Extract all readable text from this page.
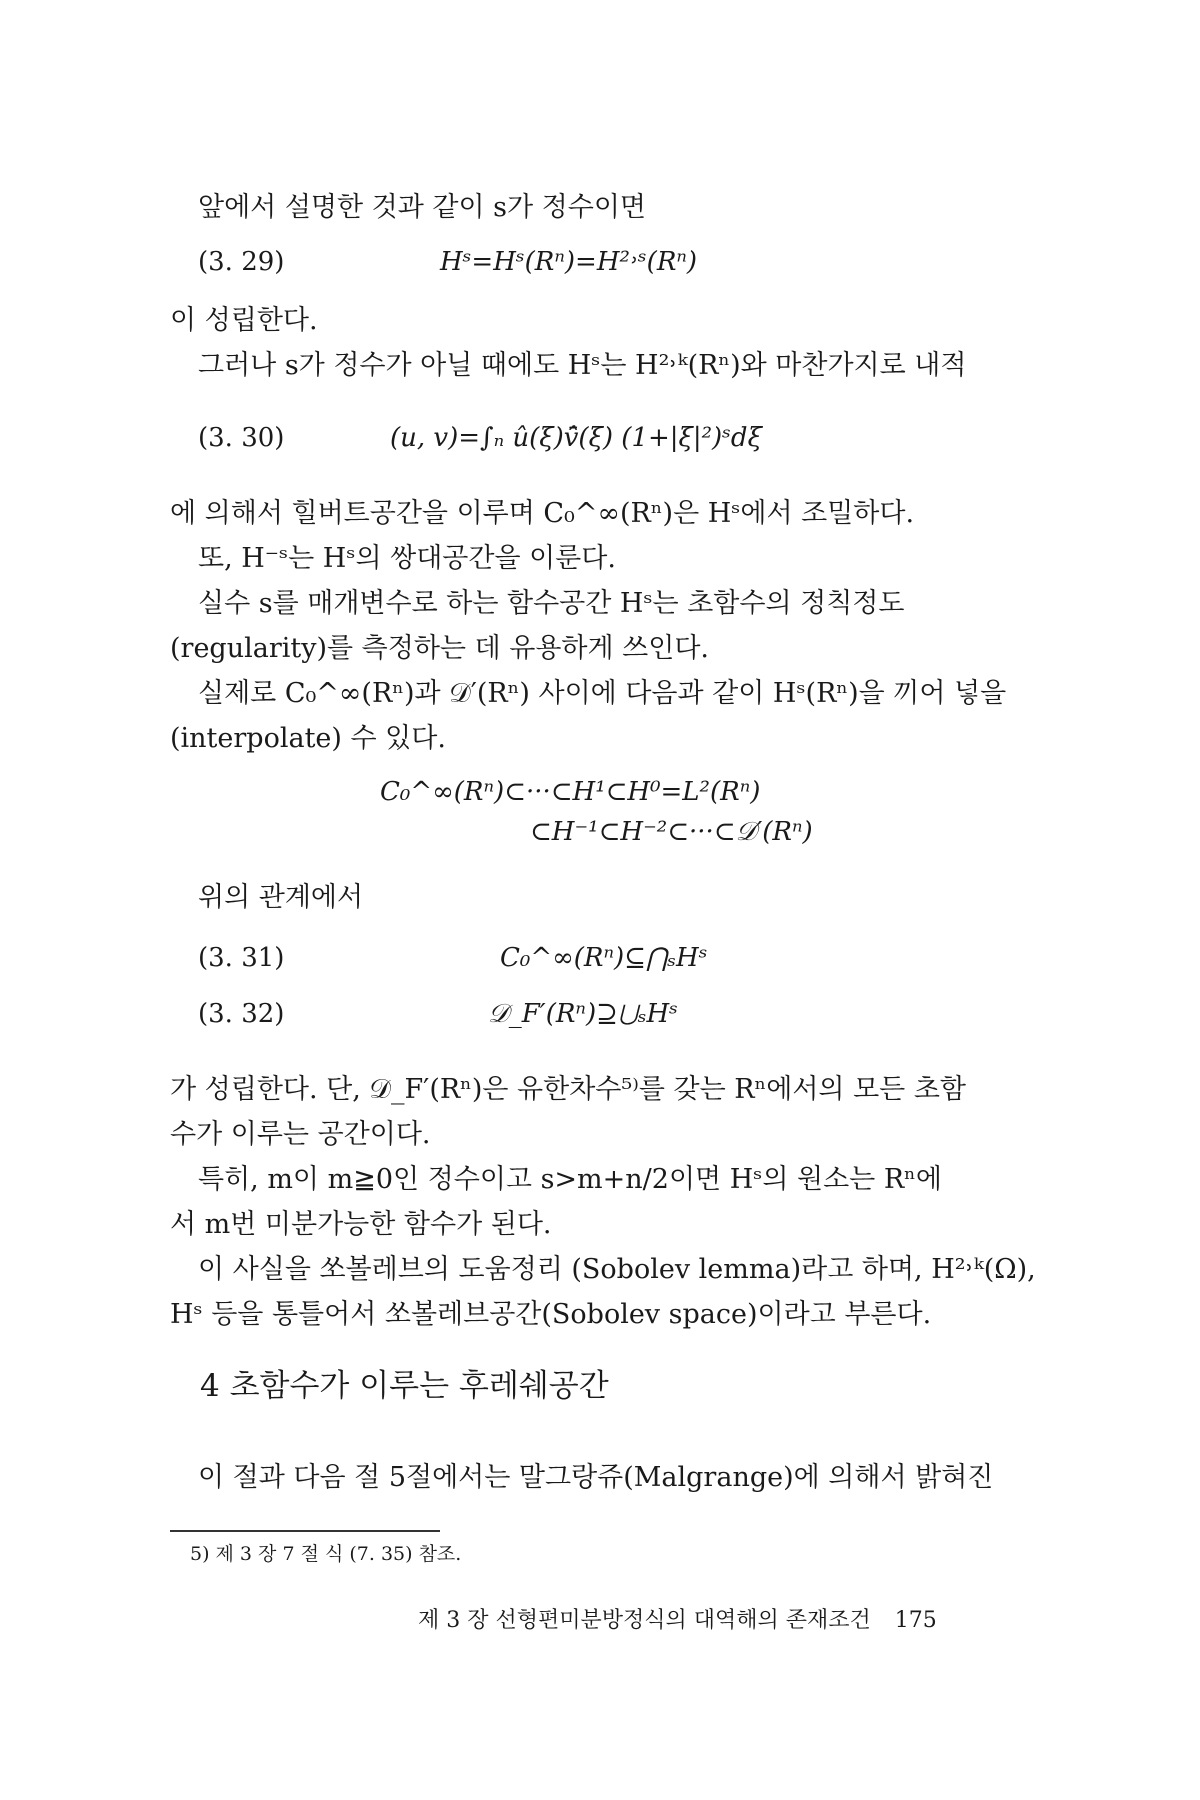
앞에서 설명한 것과 같이 s가 정수이면
(3. 29)	Hˢ=Hˢ(Rⁿ)=H²˒ˢ(Rⁿ)
이 성립한다.
그러나 s가 정수가 아닐 때에도 Hˢ는 H²˒ᵏ(Rⁿ)와 마찬가지로 내적
(3. 30)	(u, v)=∫ₙ û(ξ)v̂̄(ξ) (1+|ξ|²)ˢdξ
에 의해서 힐버트공간을 이루며 C₀^∞(Rⁿ)은 Hˢ에서 조밀하다.
또, H⁻ˢ는 Hˢ의 쌍대공간을 이룬다.
실수 s를 매개변수로 하는 함수공간 Hˢ는 초함수의 정칙정도
(regularity)를 측정하는 데 유용하게 쓰인다.
실제로 C₀^∞(Rⁿ)과 𝒟′(Rⁿ) 사이에 다음과 같이 Hˢ(Rⁿ)을 끼어 넣을
(interpolate) 수 있다.
C₀^∞(Rⁿ)⊂···⊂H¹⊂H⁰=L²(Rⁿ)
⊂H⁻¹⊂H⁻²⊂···⊂𝒟′(Rⁿ)
위의 관계에서
(3. 31)	C₀^∞(Rⁿ)⊆⋂ₛHˢ
(3. 32)	𝒟_F′(Rⁿ)⊇⋃ₛHˢ
가 성립한다. 단, 𝒟_F′(Rⁿ)은 유한차수⁵⁾를 갖는 Rⁿ에서의 모든 초함
수가 이루는 공간이다.
특히, m이 m≧0인 정수이고 s>m+n/2이면 Hˢ의 원소는 Rⁿ에
서 m번 미분가능한 함수가 된다.
이 사실을 쏘볼레브의 도움정리 (Sobolev lemma)라고 하며, H²˒ᵏ(Ω),
Hˢ 등을 통틀어서 쏘볼레브공간(Sobolev space)이라고 부른다.
4 초함수가 이루는 후레쉐공간
이 절과 다음 절 5절에서는 말그랑쥬(Malgrange)에 의해서 밝혀진
5) 제 3 장 7 절 식 (7. 35) 참조.
제 3 장 선형편미분방정식의 대역해의 존재조건 175
